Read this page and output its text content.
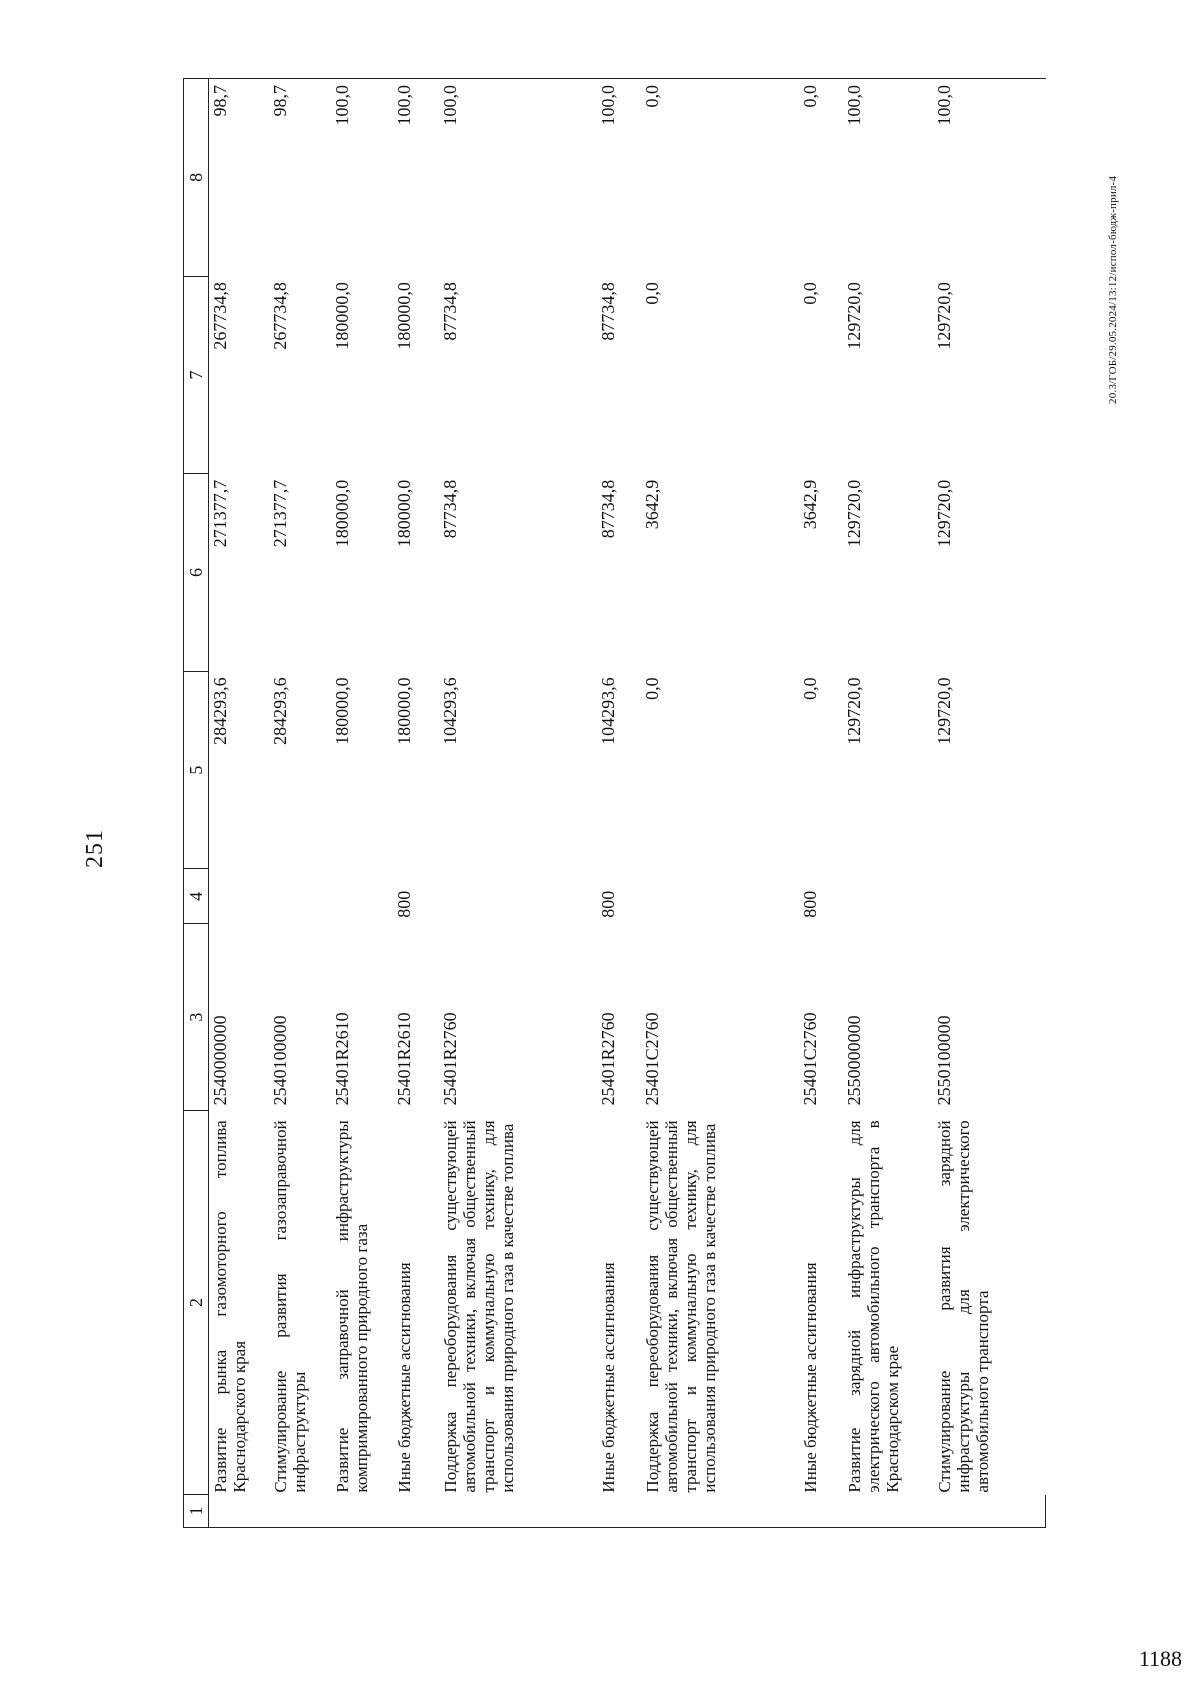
251
1	2	3	4	5	6	7	8
	Развитие рынка газомоторного топлива Краснодарского края	2540000000		284293,6	271377,7	267734,8	98,7
	Стимулирование развития газозаправочной инфраструктуры	2540100000		284293,6	271377,7	267734,8	98,7
	Развитие заправочной инфраструктуры компримированного природного газа	25401R2610		180000,0	180000,0	180000,0	100,0
	Иные бюджетные ассигнования	25401R2610	800	180000,0	180000,0	180000,0	100,0
	Поддержка переоборудования существующей автомобильной техники, включая общественный транспорт и коммунальную технику, для использования природного газа в качестве топлива	25401R2760		104293,6	87734,8	87734,8	100,0
	Иные бюджетные ассигнования	25401R2760	800	104293,6	87734,8	87734,8	100,0
	Поддержка переоборудования существующей автомобильной техники, включая общественный транспорт и коммунальную технику, для использования природного газа в качестве топлива	25401C2760		0,0	3642,9	0,0	0,0
	Иные бюджетные ассигнования	25401C2760	800	0,0	3642,9	0,0	0,0
	Развитие зарядной инфраструктуры для электрического автомобильного транспорта в Краснодарском крае	2550000000		129720,0	129720,0	129720,0	100,0
	Стимулирование развития зарядной инфраструктуры для электрического автомобильного транспорта	2550100000		129720,0	129720,0	129720,0	100,0
20.3/ГОБ/29.05.2024/13:12/испол-бюдж-прил-4
1188
